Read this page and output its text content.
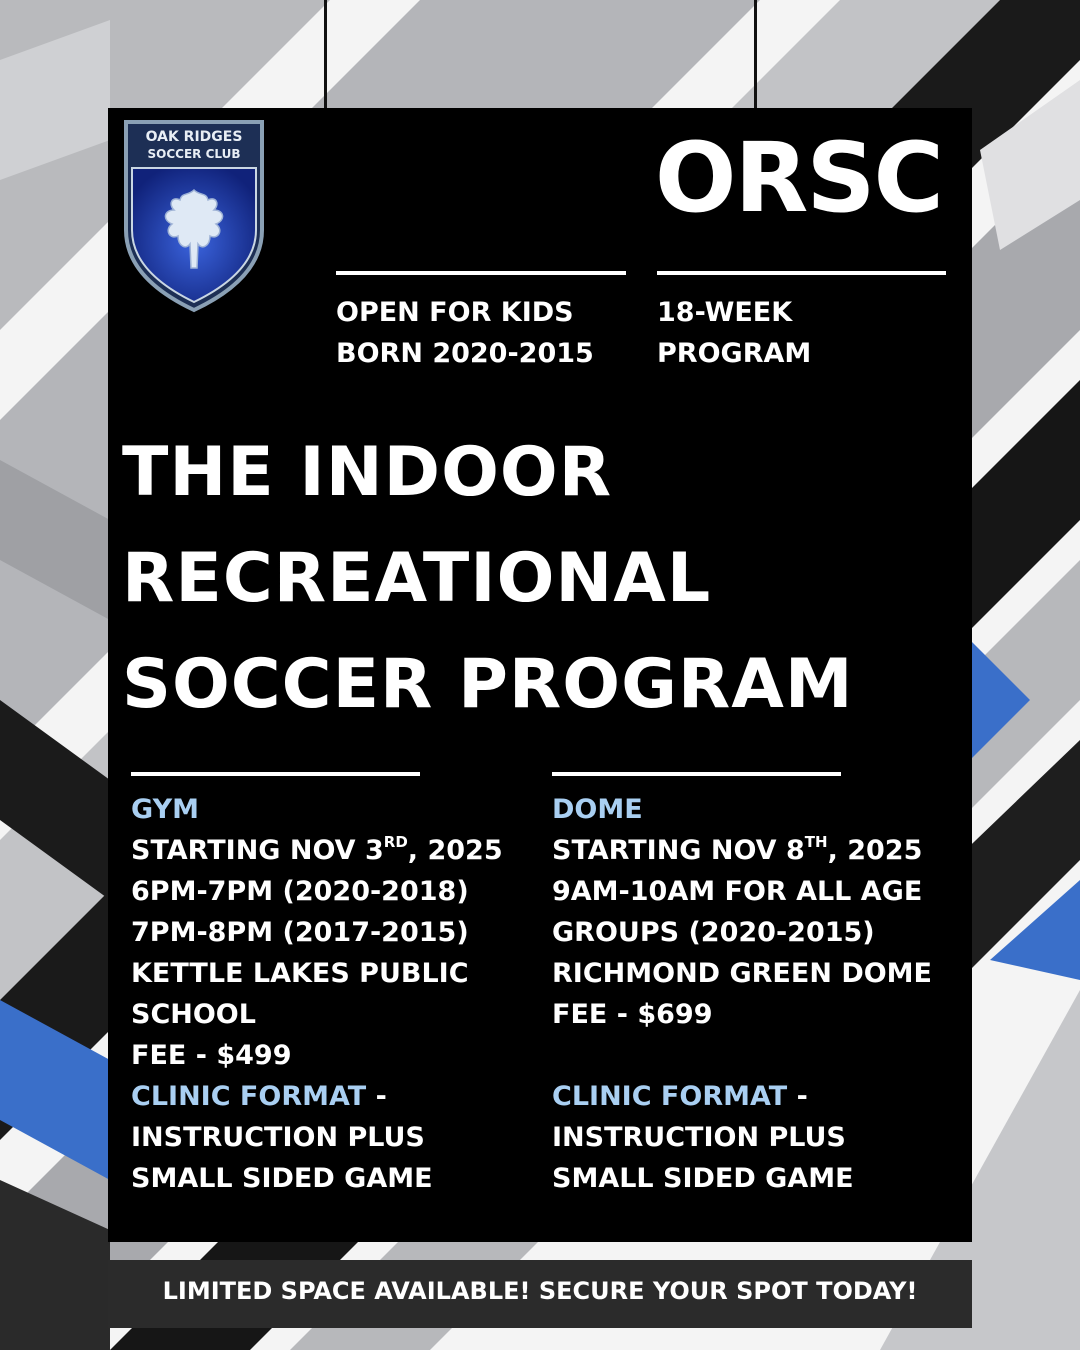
OAK RIDGES
SOCCER CLUB	ORSC
OPEN FOR KIDS
BORN 2020-2015
18-WEEK
PROGRAM
THE INDOOR
RECREATIONAL
SOCCER PROGRAM
GYM
STARTING NOV 3RD, 2025
6PM-7PM (2020-2018)
7PM-8PM (2017-2015)
KETTLE LAKES PUBLIC
SCHOOL
FEE - $499
CLINIC FORMAT -
INSTRUCTION PLUS
SMALL SIDED GAME
DOME
STARTING NOV 8TH, 2025
9AM-10AM FOR ALL AGE
GROUPS (2020-2015)
RICHMOND GREEN DOME
FEE - $699

CLINIC FORMAT -
INSTRUCTION PLUS
SMALL SIDED GAME
LIMITED SPACE AVAILABLE! SECURE YOUR SPOT TODAY!
